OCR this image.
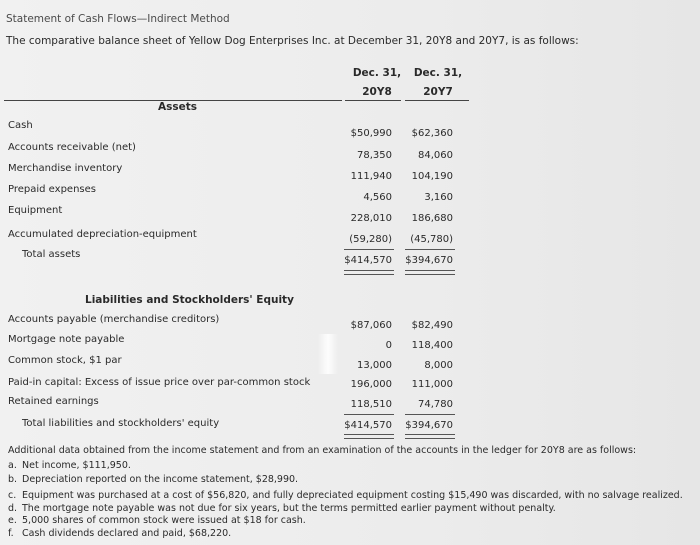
Statement of Cash Flows—Indirect Method
The comparative balance sheet of Yellow Dog Enterprises Inc. at December 31, 20Y8 and 20Y7, is as follows:
Dec. 31,
20Y8
Dec. 31,
20Y7
Assets
Cash
Accounts receivable (net)
Merchandise inventory
Prepaid expenses
Equipment
Accumulated depreciation-equipment
Total assets
$50,990
78,350
111,940
4,560
228,010
(59,280)
$414,570
$62,360
84,060
104,190
3,160
186,680
(45,780)
$394,670
Liabilities and Stockholders' Equity
Accounts payable (merchandise creditors)
Mortgage note payable
Common stock, $1 par
Paid-in capital: Excess of issue price over par-common stock
Retained earnings
Total liabilities and stockholders' equity
$87,060
0
13,000
196,000
118,510
$414,570
$82,490
118,400
8,000
111,000
74,780
$394,670
Additional data obtained from the income statement and from an examination of the accounts in the ledger for 20Y8 are as follows:
a. Net income, $111,950.
b. Depreciation reported on the income statement, $28,990.
c. Equipment was purchased at a cost of $56,820, and fully depreciated equipment costing $15,490 was discarded, with no salvage realized.
d. The mortgage note payable was not due for six years, but the terms permitted earlier payment without penalty.
e. 5,000 shares of common stock were issued at $18 for cash.
f. Cash dividends declared and paid, $68,220.
